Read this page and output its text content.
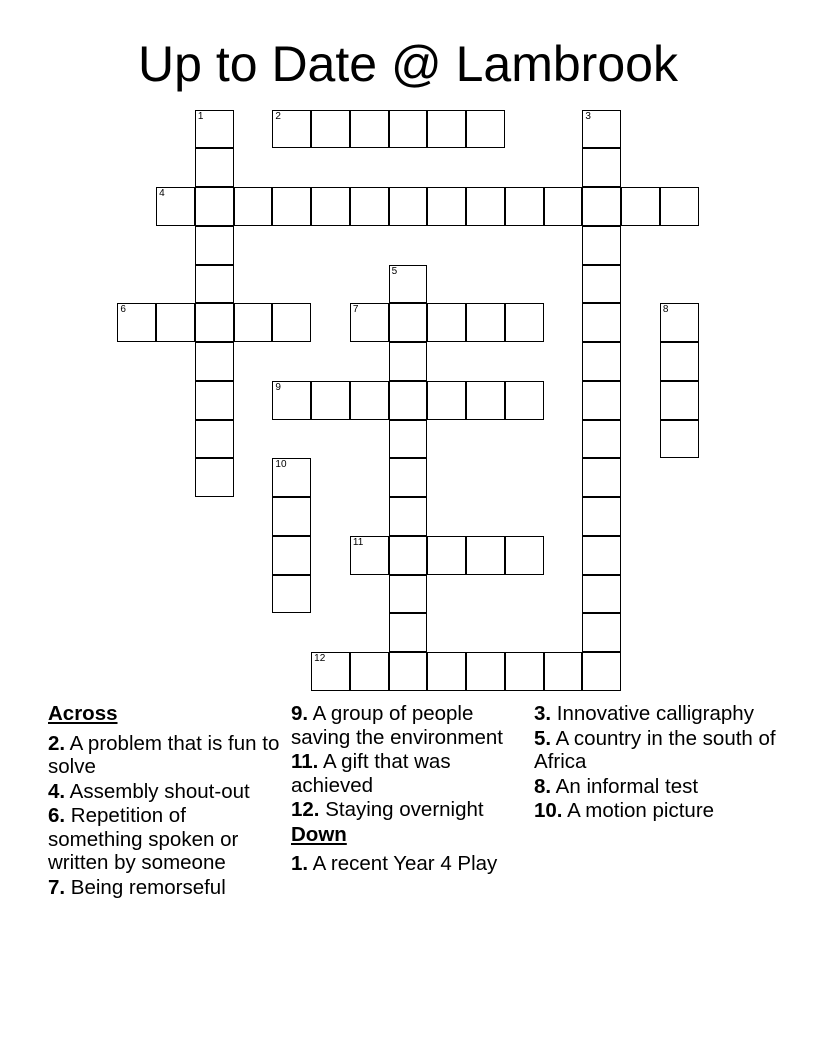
Up to Date @ Lambrook
1	2	3
4
5
6	7	8
9
10
11
12
Across
2. A problem that is fun to solve
4. Assembly shout-out
6. Repetition of something spoken or written by someone
7. Being remorseful
9. A group of people saving the environment
11. A gift that was achieved
12. Staying overnight
Down
1. A recent Year 4 Play
3. Innovative calligraphy
5. A country in the south of Africa
8. An informal test
10. A motion picture
